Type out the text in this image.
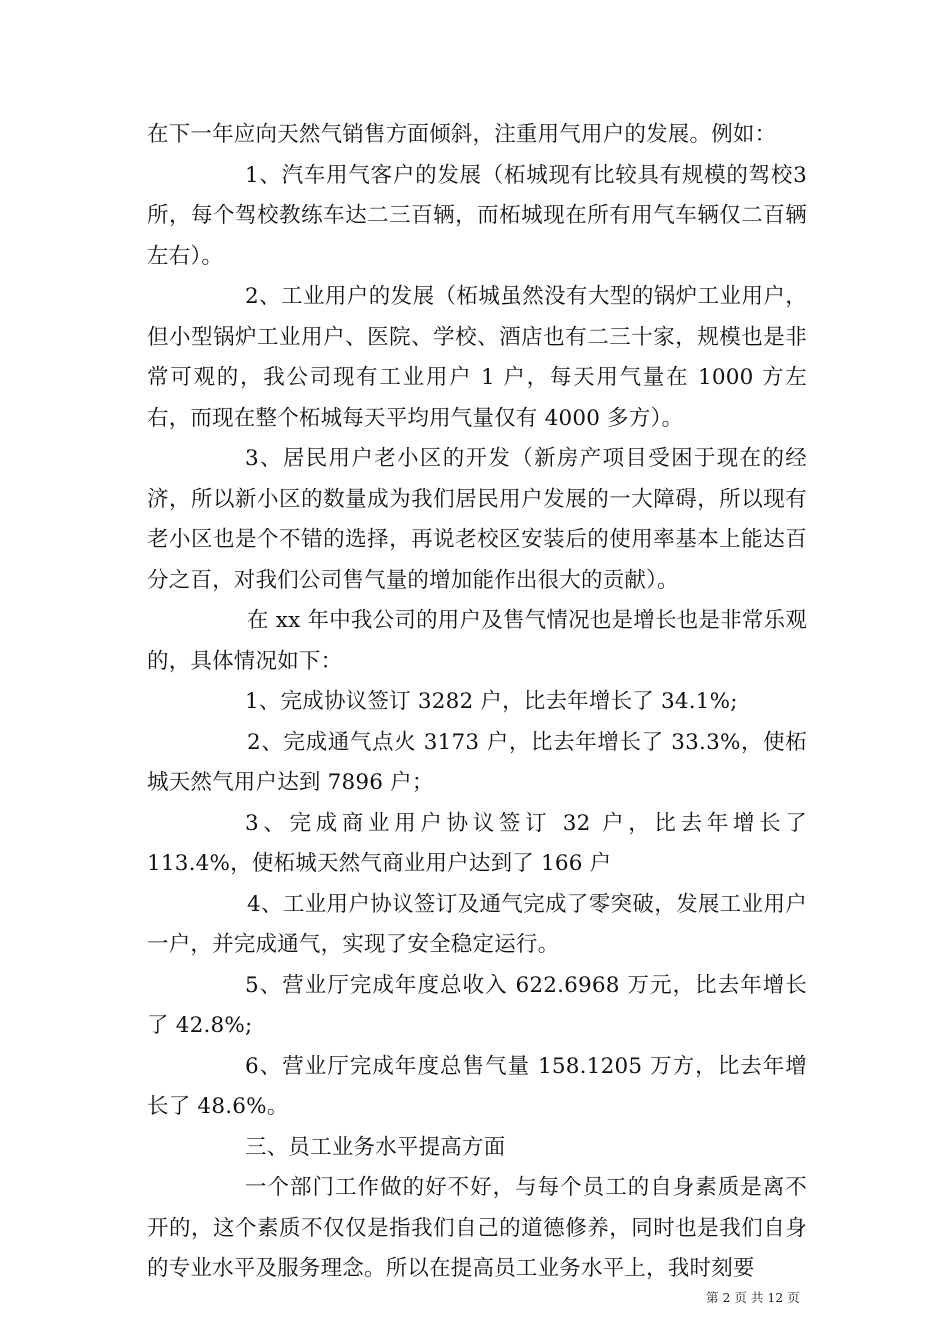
在下一年应向天然气销售方面倾斜，注重用气用户的发展。例如：

1、汽车用气客户的发展（柘城现有比较具有规模的驾校3所，每个驾校教练车达二三百辆，而柘城现在所有用气车辆仅二百辆左右）。

2、工业用户的发展（柘城虽然没有大型的锅炉工业用户，但小型锅炉工业用户、医院、学校、酒店也有二三十家，规模也是非常可观的，我公司现有工业用户 1 户，每天用气量在 1000 方左右，而现在整个柘城每天平均用气量仅有 4000 多方）。

3、居民用户老小区的开发（新房产项目受困于现在的经济，所以新小区的数量成为我们居民用户发展的一大障碍，所以现有老小区也是个不错的选择，再说老校区安装后的使用率基本上能达百分之百，对我们公司售气量的增加能作出很大的贡献）。

在 xx 年中我公司的用户及售气情况也是增长也是非常乐观的，具体情况如下：

1、完成协议签订 3282 户，比去年增长了 34.1%;

2、完成通气点火 3173 户，比去年增长了 33.3%，使柘城天然气用户达到 7896 户；

3、完成商业用户协议签订 32 户，比去年增长了 113.4%，使柘城天然气商业用户达到了 166 户

4、工业用户协议签订及通气完成了零突破，发展工业用户一户，并完成通气，实现了安全稳定运行。

5、营业厅完成年度总收入 622.6968 万元，比去年增长了 42.8%;

6、营业厅完成年度总售气量 158.1205 万方，比去年增长了 48.6%。

三、员工业务水平提高方面

一个部门工作做的好不好，与每个员工的自身素质是离不开的，这个素质不仅仅是指我们自己的道德修养，同时也是我们自身的专业水平及服务理念。所以在提高员工业务水平上，我时刻要

第 2 页 共 12 页
